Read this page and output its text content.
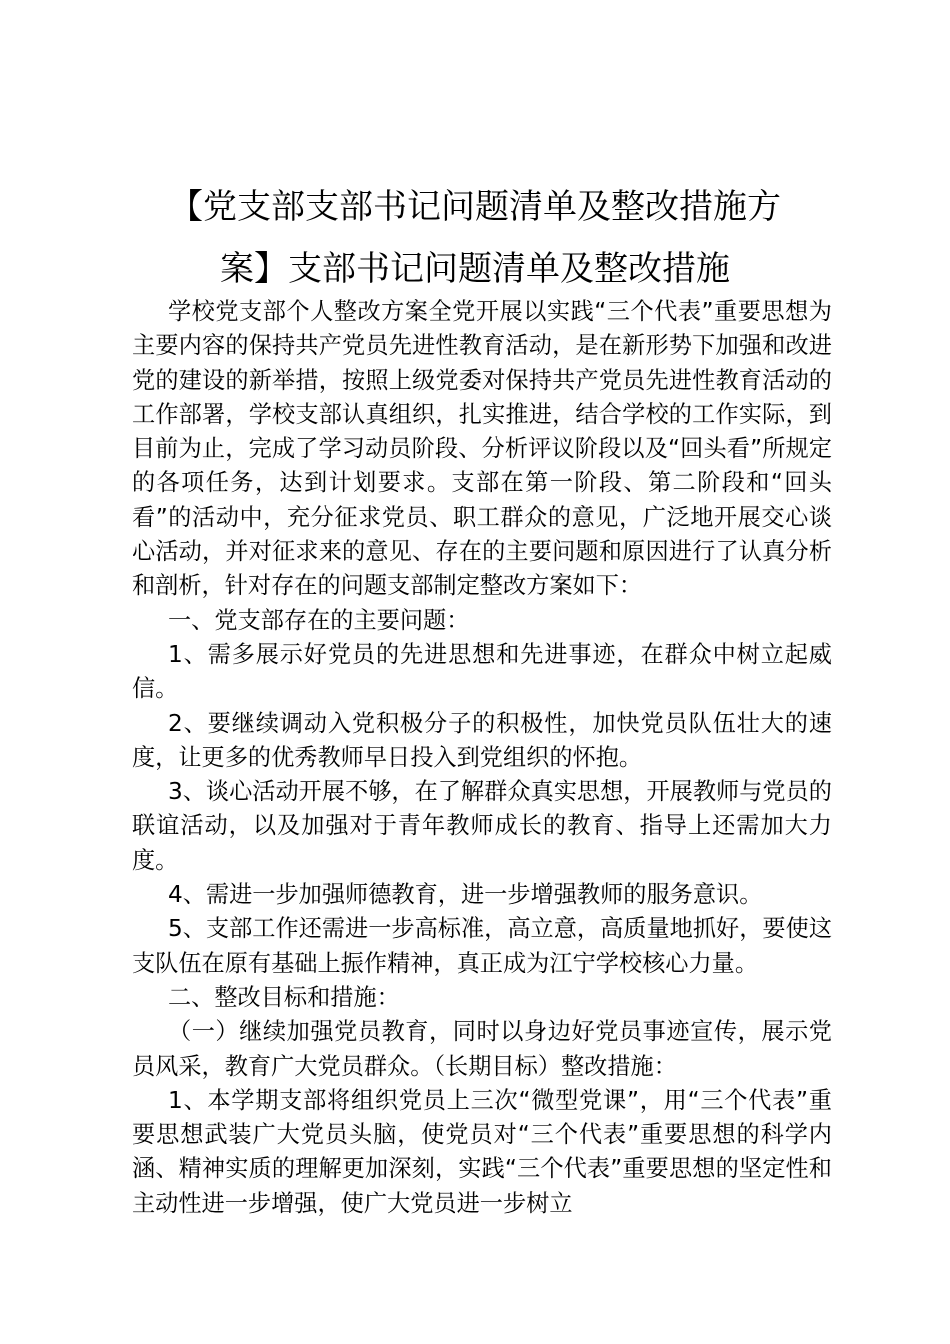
【党支部支部书记问题清单及整改措施方
案】支部书记问题清单及整改措施

学校党支部个人整改方案全党开展以实践“三个代表”重要思想为主要内容的保持共产党员先进性教育活动，是在新形势下加强和改进党的建设的新举措，按照上级党委对保持共产党员先进性教育活动的工作部署，学校支部认真组织，扎实推进，结合学校的工作实际，到目前为止，完成了学习动员阶段、分析评议阶段以及“回头看”所规定的各项任务，达到计划要求。支部在第一阶段、第二阶段和“回头看”的活动中，充分征求党员、职工群众的意见，广泛地开展交心谈心活动，并对征求来的意见、存在的主要问题和原因进行了认真分析和剖析，针对存在的问题支部制定整改方案如下：

一、党支部存在的主要问题：

1、需多展示好党员的先进思想和先进事迹，在群众中树立起威信。

2、要继续调动入党积极分子的积极性，加快党员队伍壮大的速度，让更多的优秀教师早日投入到党组织的怀抱。

3、谈心活动开展不够，在了解群众真实思想，开展教师与党员的联谊活动，以及加强对于青年教师成长的教育、指导上还需加大力度。

4、需进一步加强师德教育，进一步增强教师的服务意识。

5、支部工作还需进一步高标准，高立意，高质量地抓好，要使这支队伍在原有基础上振作精神，真正成为江宁学校核心力量。

二、整改目标和措施：

（一）继续加强党员教育，同时以身边好党员事迹宣传，展示党员风采，教育广大党员群众。（长期目标）整改措施：

1、本学期支部将组织党员上三次“微型党课”，用“三个代表”重要思想武装广大党员头脑，使党员对“三个代表”重要思想的科学内涵、精神实质的理解更加深刻，实践“三个代表”重要思想的坚定性和主动性进一步增强，使广大党员进一步树立
